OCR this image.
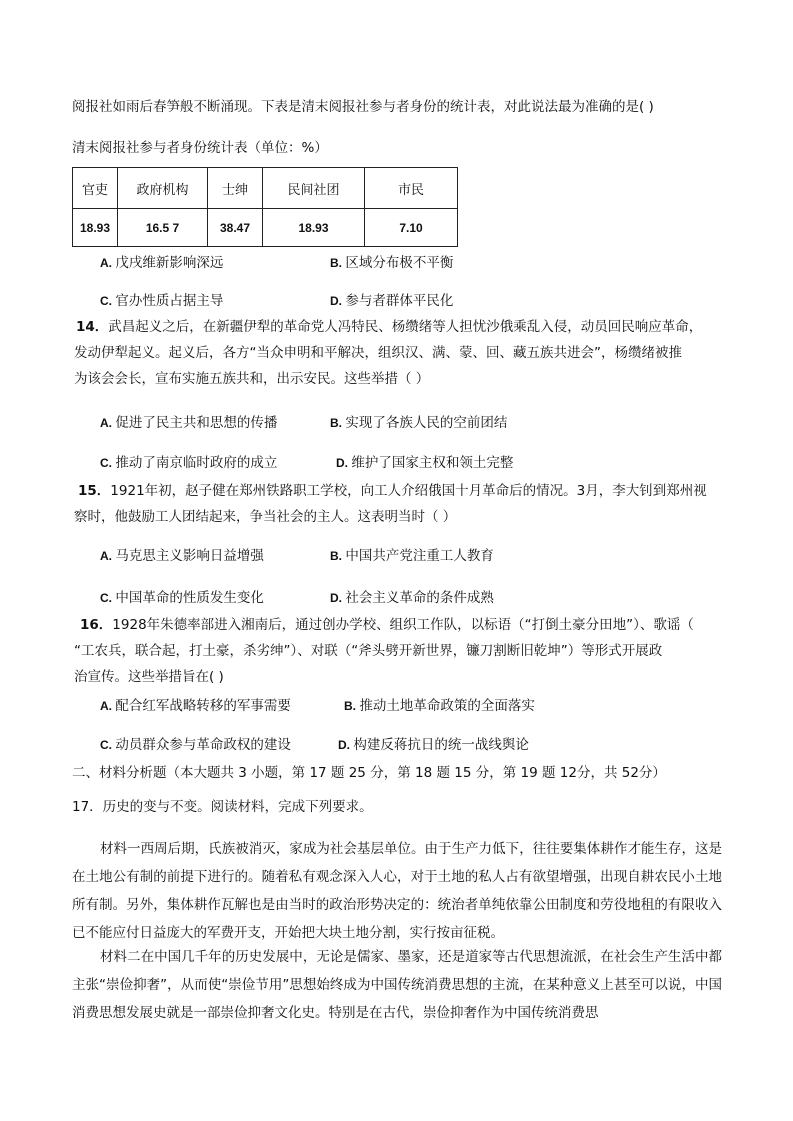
阅报社如雨后春笋般不断涌现。下表是清末阅报社参与者身份的统计表，对此说法最为准确的是( )
清末阅报社参与者身份统计表（单位：%）
官吏	政府机构	士绅	民间社团	市民
18.93	16.5 7	38.47	18.93	7.10
A. 戊戌维新影响深远	B. 区域分布极不平衡
C. 官办性质占据主导	D. 参与者群体平民化
14．武昌起义之后，在新疆伊犁的革命党人冯特民、杨缵绪等人担忧沙俄乘乱入侵，动员回民响应革命，
发动伊犁起义。起义后，各方“当众申明和平解决，组织汉、满、蒙、回、藏五族共进会”，杨缵绪被推
为该会会长，宣布实施五族共和，出示安民。这些举措（ ）
A. 促进了民主共和思想的传播	B. 实现了各族人民的空前团结
C. 推动了南京临时政府的成立	D. 维护了国家主权和领土完整
15．1921年初，赵子健在郑州铁路职工学校，向工人介绍俄国十月革命后的情况。3月，李大钊到郑州视
察时，他鼓励工人团结起来，争当社会的主人。这表明当时（ ）
A. 马克思主义影响日益增强	B. 中国共产党注重工人教育
C. 中国革命的性质发生变化	D. 社会主义革命的条件成熟
16．1928年朱德率部进入湘南后，通过创办学校、组织工作队，以标语（“打倒土豪分田地”）、歌谣（
“工农兵，联合起，打土豪，杀劣绅”）、对联（“斧头劈开新世界，镰刀割断旧乾坤”）等形式开展政
治宣传。这些举措旨在( )
A. 配合红军战略转移的军事需要	B. 推动土地革命政策的全面落实
C. 动员群众参与革命政权的建设	D. 构建反蒋抗日的统一战线舆论
二、材料分析题（本大题共 3 小题，第 17 题 25 分，第 18 题 15 分，第 19 题 12分，共 52分）
17．历史的变与不变。阅读材料，完成下列要求。
材料一西周后期，氏族被消灭，家成为社会基层单位。由于生产力低下，往往要集体耕作才能生存，这是在土地公有制的前提下进行的。随着私有观念深入人心，对于土地的私人占有欲望增强，出现自耕农民小土地所有制。另外，集体耕作瓦解也是由当时的政治形势决定的：统治者单纯依靠公田制度和劳役地租的有限收入已不能应付日益庞大的军费开支，开始把大块土地分割，实行按亩征税。
材料二在中国几千年的历史发展中，无论是儒家、墨家，还是道家等古代思想流派，在社会生产生活中都主张“崇俭抑奢”，从而使“崇俭节用”思想始终成为中国传统消费思想的主流，在某种意义上甚至可以说，中国消费思想发展史就是一部崇俭抑奢文化史。特别是在古代，崇俭抑奢作为中国传统消费思
